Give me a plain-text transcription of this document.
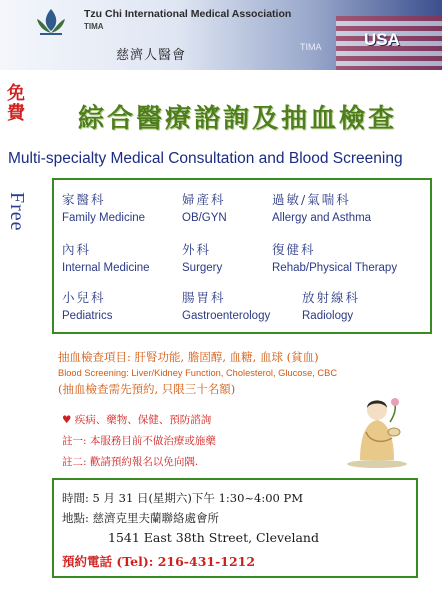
Tzu Chi International Medical Association
TIMA
慈濟人醫會
TIMA	USA
免費
Free
綜合醫療諮詢及抽血檢查
Multi-specialty Medical Consultation and Blood Screening
家醫科
Family Medicine
婦產科
OB/GYN
過敏/氣喘科
Allergy and Asthma
內科
Internal Medicine
外科
Surgery
復健科
Rehab/Physical Therapy
小兒科
Pediatrics
腸胃科
Gastroenterology
放射線科
Radiology
抽血檢查項目: 肝腎功能, 膽固醇, 血糖, 血球 (貧血)
Blood Screening: Liver/Kidney Function, Cholesterol, Glucose, CBC
(抽血檢查需先預約, 只限三十名額)
♥ 疾病、藥物、保健、預防諮詢
註一: 本服務目前不做治療或施藥
註二: 歡請預約報名以免向隅.
時間: 5 月 31 日(星期六)下午 1:30~4:00 PM
地點: 慈濟克里夫蘭聯絡處會所
1541 East 38th Street, Cleveland
預約電話 (Tel): 216-431-1212
